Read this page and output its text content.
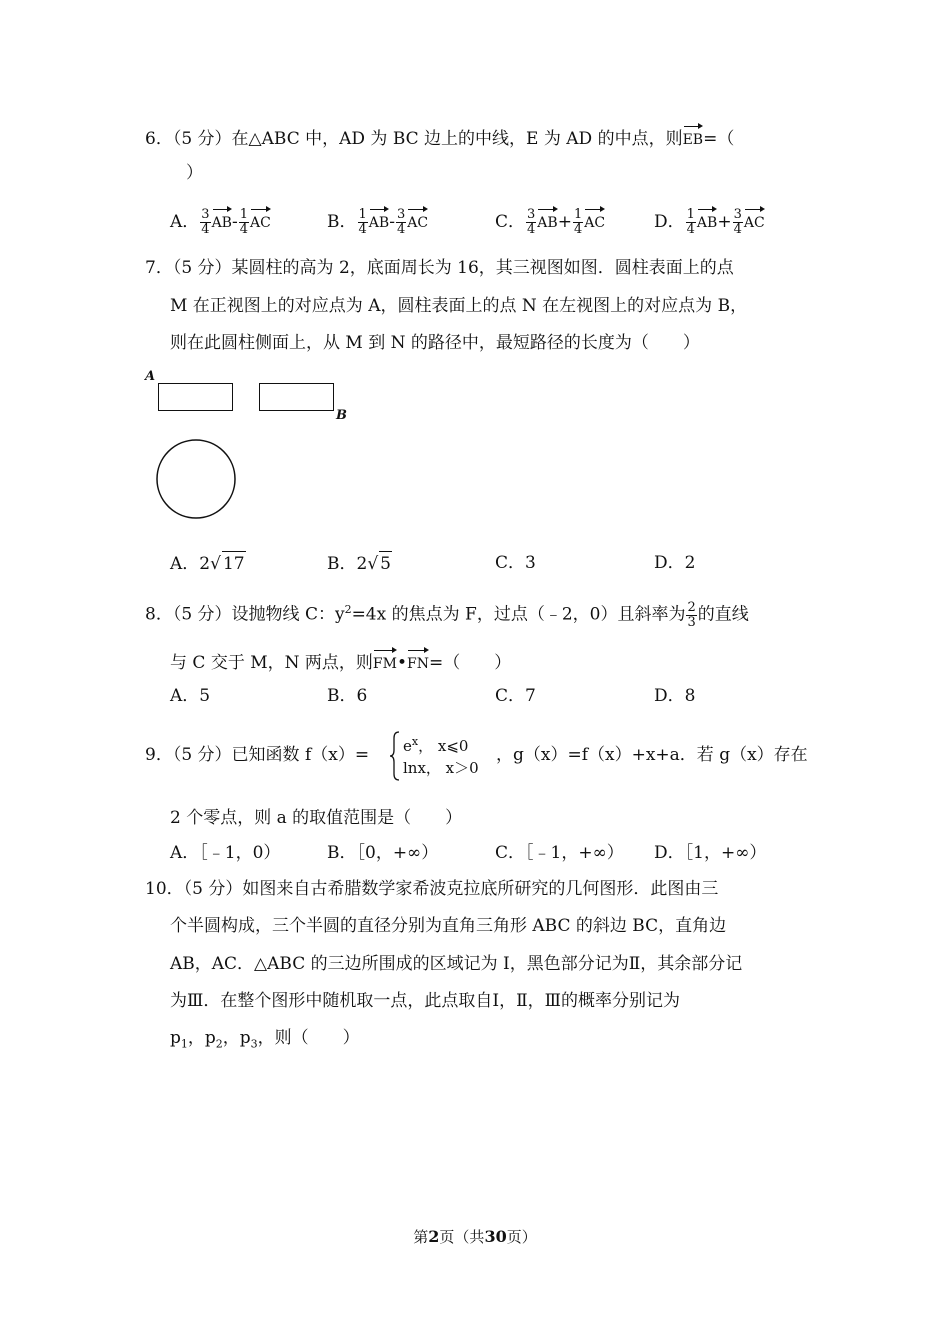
6．（5 分）在△ABC 中，AD 为 BC 边上的中线，E 为 AD 的中点，则EB=（
）
A． $\frac{3}{4} AB- \frac{1}{4}$ AC	B． $\frac{1}{4} AB- \frac{3}{4}$ AC	C． $\frac{3}{4} AB+ \frac{1}{4}$ AC	D． $\frac{1}{4} AB+ \frac{3}{4}$ AC
7．（5 分）某圆柱的高为 2，底面周长为 16，其三视图如图．圆柱表面上的点
M 在正视图上的对应点为 A，圆柱表面上的点 N 在左视图上的对应点为 B，
则在此圆柱侧面上，从 M 到 N 的路径中，最短路径的长度为（　　）
A
B
A．2√ 17	B．2√ 5	C．3	D．2
8．（5 分）设抛物线 C：$y^2=4x$ 的焦点为 F，过点（﹣2，0）且斜率为 $\frac{2}{3}$ 的直线
与 C 交于 M，N 两点，则FM•FN=（　　）
A．5	B．6	C．7	D．8
9．（5 分）已知函数 $f(x)= e^x$， x⩽0
lnx， x＞0
，g（x）=f（x）+x+a．若 g（x）存在
2 个零点，则 a 的取值范围是（　　）
A．［﹣1，0）	B．［0，+∞）	C．［﹣1，+∞） D．［1，+∞）
10．（5 分）如图来自古希腊数学家希波克拉底所研究的几何图形．此图由三
个半圆构成，三个半圆的直径分别为直角三角形 ABC 的斜边 BC，直角边
AB，AC．△ABC 的三边所围成的区域记为 I，黑色部分记为Ⅱ，其余部分记
为Ⅲ．在整个图形中随机取一点，此点取自Ⅰ，Ⅱ，Ⅲ的概率分别记为
$p_1$，$p_2$，$p_3$，则（　　）
第2页（共30页）
